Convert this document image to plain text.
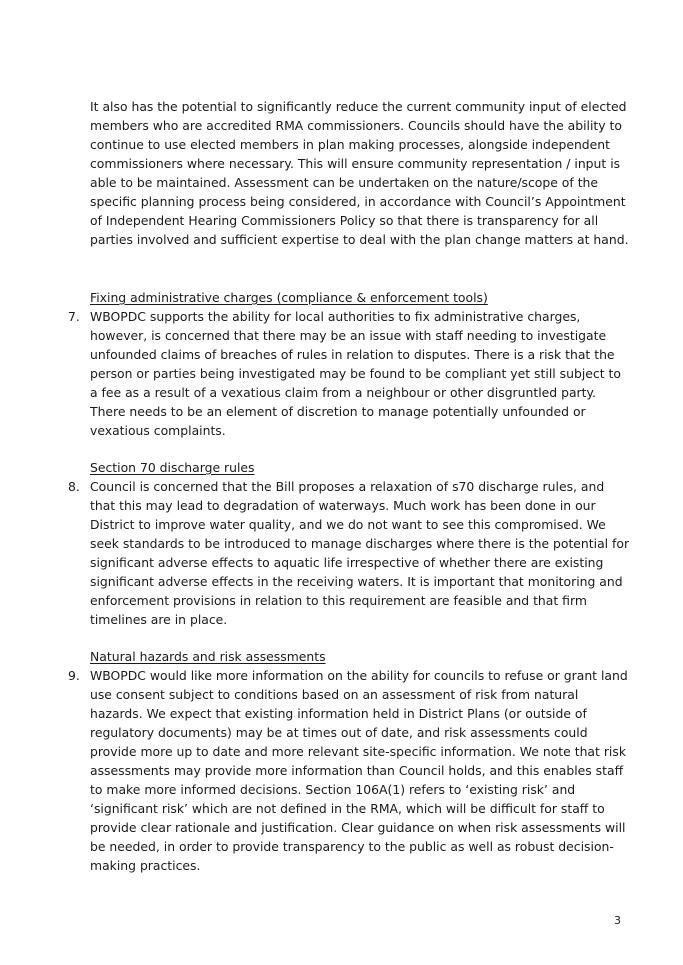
It also has the potential to significantly reduce the current community input of elected members who are accredited RMA commissioners. Councils should have the ability to continue to use elected members in plan making processes, alongside independent commissioners where necessary. This will ensure community representation / input is able to be maintained. Assessment can be undertaken on the nature/scope of the specific planning process being considered, in accordance with Council’s Appointment of Independent Hearing Commissioners Policy so that there is transparency for all parties involved and sufficient expertise to deal with the plan change matters at hand.

Fixing administrative charges (compliance & enforcement tools)

7. WBOPDC supports the ability for local authorities to fix administrative charges, however, is concerned that there may be an issue with staff needing to investigate unfounded claims of breaches of rules in relation to disputes. There is a risk that the person or parties being investigated may be found to be compliant yet still subject to a fee as a result of a vexatious claim from a neighbour or other disgruntled party. There needs to be an element of discretion to manage potentially unfounded or vexatious complaints.

Section 70 discharge rules

8. Council is concerned that the Bill proposes a relaxation of s70 discharge rules, and that this may lead to degradation of waterways. Much work has been done in our District to improve water quality, and we do not want to see this compromised. We seek standards to be introduced to manage discharges where there is the potential for significant adverse effects to aquatic life irrespective of whether there are existing significant adverse effects in the receiving waters. It is important that monitoring and enforcement provisions in relation to this requirement are feasible and that firm timelines are in place.

Natural hazards and risk assessments

9. WBOPDC would like more information on the ability for councils to refuse or grant land use consent subject to conditions based on an assessment of risk from natural hazards. We expect that existing information held in District Plans (or outside of regulatory documents) may be at times out of date, and risk assessments could provide more up to date and more relevant site-specific information. We note that risk assessments may provide more information than Council holds, and this enables staff to make more informed decisions. Section 106A(1) refers to ‘existing risk’ and ‘significant risk’ which are not defined in the RMA, which will be difficult for staff to provide clear rationale and justification. Clear guidance on when risk assessments will be needed, in order to provide transparency to the public as well as robust decision-making practices.
3
